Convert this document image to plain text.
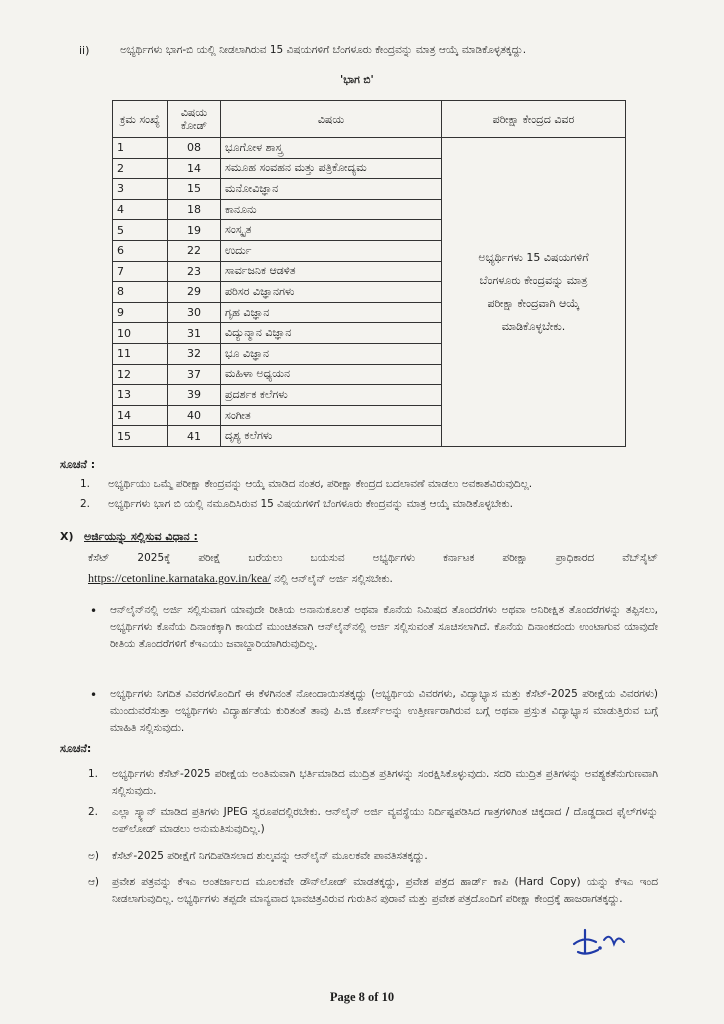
ii)	ಅಭ್ಯರ್ಥಿಗಳು ಭಾಗ-ಬಿ ಯಲ್ಲಿ ನೀಡಲಾಗಿರುವ 15 ವಿಷಯಗಳಿಗೆ ಬೆಂಗಳೂರು ಕೇಂದ್ರವನ್ನು ಮಾತ್ರ ಆಯ್ಕೆ ಮಾಡಿಕೊಳ್ಳತಕ್ಕದ್ದು.
'ಭಾಗ ಬಿ'
ಕ್ರಮ ಸಂಖ್ಯೆ	ವಿಷಯ ಕೋಡ್	ವಿಷಯ	ಪರೀಕ್ಷಾ ಕೇಂದ್ರದ ವಿವರ
1	08	ಭೂಗೋಳ ಶಾಸ್ತ್ರ	ಅಭ್ಯರ್ಥಿಗಳು 15 ವಿಷಯಗಳಿಗೆ ಬೆಂಗಳೂರು ಕೇಂದ್ರವನ್ನು ಮಾತ್ರ ಪರೀಕ್ಷಾ ಕೇಂದ್ರವಾಗಿ ಆಯ್ಕೆ ಮಾಡಿಕೊಳ್ಳಬೇಕು.

2	14	ಸಮೂಹ ಸಂವಹನ ಮತ್ತು ಪತ್ರಿಕೋದ್ಯಮ	
3	15	ಮನೋವಿಜ್ಞಾನ	
4	18	ಕಾನೂನು	
5	19	ಸಂಸ್ಕೃತ	
6	22	ಉರ್ದು	
7	23	ಸಾರ್ವಜನಿಕ ಆಡಳಿತ	
8	29	ಪರಿಸರ ವಿಜ್ಞಾನಗಳು	
9	30	ಗೃಹ ವಿಜ್ಞಾನ	
10	31	ವಿದ್ಯುನ್ಮಾನ ವಿಜ್ಞಾನ	
11	32	ಭೂ ವಿಜ್ಞಾನ	
12	37	ಮಹಿಳಾ ಅಧ್ಯಯನ	
13	39	ಪ್ರದರ್ಶಕ ಕಲೆಗಳು	
14	40	ಸಂಗೀತ	
15	41	ದೃಶ್ಯ ಕಲೆಗಳು	
ಸೂಚನೆ :
1. ಅಭ್ಯರ್ಥಿಯು ಒಮ್ಮೆ ಪರೀಕ್ಷಾ ಕೇಂದ್ರವನ್ನು ಆಯ್ಕೆ ಮಾಡಿದ ನಂತರ, ಪರೀಕ್ಷಾ ಕೇಂದ್ರದ ಬದಲಾವಣೆ ಮಾಡಲು ಅವಕಾಶವಿರುವುದಿಲ್ಲ.
2. ಅಭ್ಯರ್ಥಿಗಳು ಭಾಗ ಬಿ ಯಲ್ಲಿ ನಮೂದಿಸಿರುವ 15 ವಿಷಯಗಳಿಗೆ ಬೆಂಗಳೂರು ಕೇಂದ್ರವನ್ನು ಮಾತ್ರ ಆಯ್ಕೆ ಮಾಡಿಕೊಳ್ಳಬೇಕು.
X) ಅರ್ಜಿಯನ್ನು ಸಲ್ಲಿಸುವ ವಿಧಾನ :
ಕೆಸೆಟ್ 2025ಕ್ಕೆ ಪರೀಕ್ಷೆ ಬರೆಯಲು ಬಯಸುವ ಅಭ್ಯರ್ಥಿಗಳು ಕರ್ನಾಟಕ ಪರೀಕ್ಷಾ ಪ್ರಾಧಿಕಾರದ ವೆಬ್‌ಸೈಟ್
https://cetonline.karnataka.gov.in/kea/ ನಲ್ಲಿ ಆನ್‌ಲೈನ್ ಅರ್ಜಿ ಸಲ್ಲಿಸಬೇಕು.
• ಆನ್‌ಲೈನ್‌ನಲ್ಲಿ ಅರ್ಜಿ ಸಲ್ಲಿಸುವಾಗ ಯಾವುದೇ ರೀತಿಯ ಅನಾನುಕೂಲತೆ ಅಥವಾ ಕೊನೆಯ ನಿಮಿಷದ ತೊಂದರೆಗಳು ಅಥವಾ ಅನಿರೀಕ್ಷಿತ ತೊಂದರೆಗಳನ್ನು ತಪ್ಪಿಸಲು, ಅಭ್ಯರ್ಥಿಗಳು ಕೊನೆಯ ದಿನಾಂಕಕ್ಕಾಗಿ ಕಾಯದೆ ಮುಂಚಿತವಾಗಿ ಆನ್‌ಲೈನ್‌ನಲ್ಲಿ ಅರ್ಜಿ ಸಲ್ಲಿಸುವಂತೆ ಸೂಚಿಸಲಾಗಿದೆ. ಕೊನೆಯ ದಿನಾಂಕದಂದು ಉಂಟಾಗುವ ಯಾವುದೇ ರೀತಿಯ ತೊಂದರೆಗಳಿಗೆ ಕೆಇಎಯು ಜವಾಬ್ದಾರಿಯಾಗಿರುವುದಿಲ್ಲ.
• ಅಭ್ಯರ್ಥಿಗಳು ನಿಗದಿತ ವಿವರಗಳೊಂದಿಗೆ ಈ ಕೆಳಗಿನಂತೆ ನೋಂದಾಯಿಸತಕ್ಕದ್ದು (ಅಭ್ಯರ್ಥಿಯ ವಿವರಗಳು, ವಿದ್ಯಾಭ್ಯಾಸ ಮತ್ತು ಕೆಸೆಟ್-2025 ಪರೀಕ್ಷೆಯ ವಿವರಗಳು) ಮುಂದುವರೆಸುತ್ತಾ ಅಭ್ಯರ್ಥಿಗಳು ವಿದ್ಯಾರ್ಹತೆಯ ಕುರಿತಂತೆ ತಾವು ಪಿ.ಜಿ ಕೋರ್ಸ್‌ಅನ್ನು ಉತ್ತೀರ್ಣರಾಗಿರುವ ಬಗ್ಗೆ ಅಥವಾ ಪ್ರಸ್ತುತ ವಿದ್ಯಾಭ್ಯಾಸ ಮಾಡುತ್ತಿರುವ ಬಗ್ಗೆ ಮಾಹಿತಿ ಸಲ್ಲಿಸುವುದು.
ಸೂಚನೆ:
1. ಅಭ್ಯರ್ಥಿಗಳು ಕೆಸೆಟ್-2025 ಪರೀಕ್ಷೆಯ ಅಂತಿಮವಾಗಿ ಭರ್ತಿಮಾಡಿದ ಮುದ್ರಿತ ಪ್ರತಿಗಳನ್ನು ಸಂರಕ್ಷಿಸಿಕೊಳ್ಳುವುದು. ಸದರಿ ಮುದ್ರಿತ ಪ್ರತಿಗಳನ್ನು ಅವಶ್ಯಕತೆನುಗುಣವಾಗಿ ಸಲ್ಲಿಸುವುದು.
2. ಎಲ್ಲಾ ಸ್ಕ್ಯಾನ್ ಮಾಡಿದ ಪ್ರತಿಗಳು JPEG ಸ್ವರೂಪದಲ್ಲಿರಬೇಕು. ಆನ್‌ಲೈನ್ ಅರ್ಜಿ ವ್ಯವಸ್ಥೆಯು ನಿರ್ದಿಷ್ಟಪಡಿಸಿದ ಗಾತ್ರಗಳಿಗಿಂತ ಚಿಕ್ಕದಾದ / ದೊಡ್ಡದಾದ ಫೈಲ್‌ಗಳನ್ನು ಅಪ್‌ಲೋಡ್ ಮಾಡಲು ಅನುಮತಿಸುವುದಿಲ್ಲ.)
ಅ) ಕೆಸೆಟ್-2025 ಪರೀಕ್ಷೆಗೆ ನಿಗದಿಪಡಿಸಲಾದ ಶುಲ್ಕವನ್ನು ಆನ್‌ಲೈನ್ ಮೂಲಕವೇ ಪಾವತಿಸತಕ್ಕದ್ದು.
ಆ) ಪ್ರವೇಶ ಪತ್ರವನ್ನು ಕೆಇಎ ಅಂತರ್ಜಾಲದ ಮೂಲಕವೇ ಡೌನ್‌ಲೋಡ್ ಮಾಡತಕ್ಕದ್ದು, ಪ್ರವೇಶ ಪತ್ರದ ಹಾರ್ಡ್ ಕಾಪಿ (Hard Copy) ಯನ್ನು ಕೆಇಎ ಇಂದ ನೀಡಲಾಗುವುದಿಲ್ಲ. ಅಭ್ಯರ್ಥಿಗಳು ತಪ್ಪದೇ ಮಾನ್ಯವಾದ ಭಾವಚಿತ್ರವಿರುವ ಗುರುತಿನ ಪುರಾವೆ ಮತ್ತು ಪ್ರವೇಶ ಪತ್ರದೊಂದಿಗೆ ಪರೀಕ್ಷಾ ಕೇಂದ್ರಕ್ಕೆ ಹಾಜರಾಗತಕ್ಕದ್ದು.
Page 8 of 10
